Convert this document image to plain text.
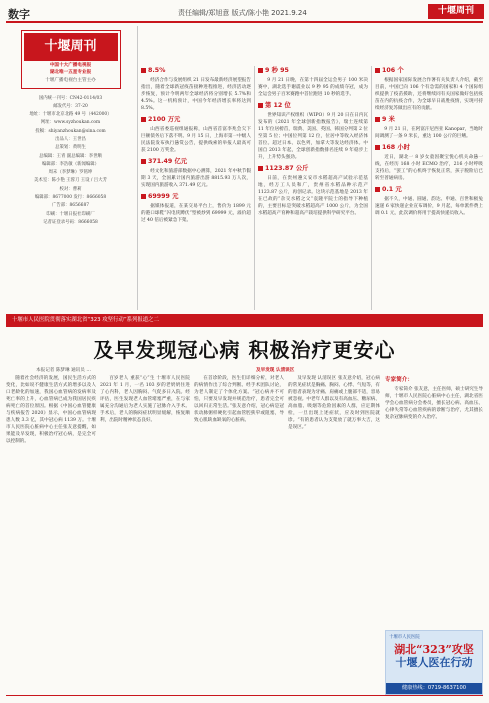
数字	责任编辑/郑旭意 版式/陈小艳 2021.9.24	十堰周刊
十堰周刊
中国十大广播电视报
湖北唯一五星专业报
十堰广播电视台主管主办
国内统一刊号：CN42-0114/03
邮发代号：37-20
地址：十堰市北京北路 49 号（442000）
网址：www.syzhoukan.com
投稿：shiyanzhoukan@sina.com
出品人：王世昌
总策划：黄明生
总编辑：王青 副总编辑：李世顺
编辑部：李浩敏（新闻编辑）
周末（李梦琳）罗铭坤
美术室：陈小艳 王蓉刀 王设 / 吕大芳
校对：曹莉
编辑部：8677000 发行：8666058
广告部：8656687
印刷：十堰日报社印刷厂
记者证登录号码：8666058
8.5%

经济合作与发展组织 21 日发布最新经济展望报告指出，随着全球新冠疫苗接种进程推进，经济活动逐步恢复，预计今明两年全球经济将分别增长 5.7%和 4.5%。这一机构预计，中国今年经济增长率将达到 8.5%。

2100 万元

山西省委巡视组通报称，山西省首富李兆会欠下巨额债务后下落不明。9 月 15 日，上海市第一中级人民法院发布执行悬赏公告，提供线索的举报人最高可获 2100 万奖金。

371.49 亿元

经文化和旅游部数据中心测算，2021 年中秋节假期 3 天，全国累计国内旅游出游 8815.93 万人次，实现国内旅游收入 371.49 亿元。

69999 元

据媒体报道，在某交易平台上，售价为 1899 元的港口球鞋“闪电侠蹲伏”型被炒到 69999 元，溢价超过 40 倍后被紧急下架。

9 秒 95

9 月 21 日晚，在第十四届全运会男子 100 米决赛中，湖北选手谢震业以 9 秒 95 的成绩夺冠，成为全运会男子百米赛跑中首位跑进 10 秒的选手。

第 12 位

世界知识产权组织（WIPO）9 月 20 日在日内瓦发布的《2021 年全球创新指数报告》，瑞士连续第 11 年位居榜首，瑞典、美国、英国、韩国分列第 2 位至第 5 位；中国位列第 12 位，位居中等收入经济体首位。超过日本、以色列，加拿大等发达经济体。中国自 2013 年起，全球创新指数排名连续 9 年稳步上升，上升势头强劲。

1123.87 公斤

日前，在贵州遵义安市水稻超高产试验示范基地，经万工人员和广，贵州省水稻品种示范产 1123.87 公斤，再创记录。这块示范基地是 2013 年在已故的“杂交水稻之父”袁隆平院士的指导下种植的，主要目标是突破水稻超高产 1000 公斤，为全国水稻超高产育种和超高产栽培提供科学研究平台。

106 个

根据国家国际发展合作署有关负责人介绍，截至目前，中国已向 106 个有急需的国家和 4 个国际组织提供了疫苗援助，还将继续同有关国家做好包括疫苗在内的抗疫合作，为全球早日战胜疫情，实现可持续经济复苏做出应有的贡献。

9 米

9 月 21 日，在阿富汗尼西亚 Kanopar，当地时间调测了一条 9 米长，重达 100 公斤的巨鳍。

168 小时

近日，湖北一 8 岁女童因聚宝悦心机关命悬一线，在经历 168 小时 ECMO 治疗，216 小时呼吸支持后，“罢工”的心机终于恢复正常，孩子脱险后已转至普通病房。

0.1 元

据不久，中通、圆通、韵达、申通、百世和极兔速递 6 家快递企业宣布调价，9 月起，每单派件费上调 0.1 元，此次调价将用于提高快递员收入。

十堰市人民医院贯彻落实湖北省“323 攻坚行动”系列报道之二
及早发现冠心病 积极治疗更安心
本报记者 陈梦琳 通讯员 …	及早发现 认清误区

随着社会经济的发展，国民生活方式的变化，比如说不健康生活方式的增多以及人口老龄化的加速，我国心血管病的发病率及死亡率的上升，心血管病已成为我国居民疾病死亡的首位原因。根据《中国心血管健康与疾病报告 2020》显示，中国心血管病现患人数 3.3 亿，其中冠心病 1139 万。十堰市人民医院心脏病中心主任张友意提醒，如果能及早发现，积极治疗冠心病，是完全可以控制的。

百岁老人 重获“心”生 十堰市人民医院 2021 年 1 月，一名 103 岁的老奶奶住进了心内科，老人因胸闷、气促多日入院。经评估，医生发现老人血管堵塞严重，在与家属充分沟通后为老人实施了冠脉介入手术。手术后，老人的胸闷症状明显缓解，恢复顺利，出院时精神状态良好。

在首诊阶段，医生们详细分析，对老人的病情作出了综合判断。经手术团队讨论，为老人制定了个体化方案。“冠心病并不可怕，只要及早发现并规范治疗，患者完全可以回归正常生活。”张友意介绍，冠心病是冠状动脉粥样硬化引起血管腔狭窄或阻塞，导致心肌缺血缺氧的心脏病。

及早发现 认清误区 张友意介绍，冠心病的常见症状是胸痛、胸闷、心悸、气短等，有的患者表现为牙痛、肩痛或上腹部不适，容易被忽视。中老年人群以及有高血压、糖尿病、高血脂、吸烟等危险因素的人群，应定期体检，一旦出现上述症状，应及时到医院就诊。“有的患者认为支架放了就万事大吉，这是误区。”

专家简介：

专家简介 张友意，主任医师，硕士研究生导师，十堰市人民医院心脏病中心主任，湖北省医学会心血管病分会委员，擅长冠心病、高血压、心律失常等心血管疾病的诊断与治疗，尤其擅长复杂冠脉病变的介入治疗。

十堰市人民医院
湖北“323”攻坚
十堰人医在行动
健康热线：0719-8637100
